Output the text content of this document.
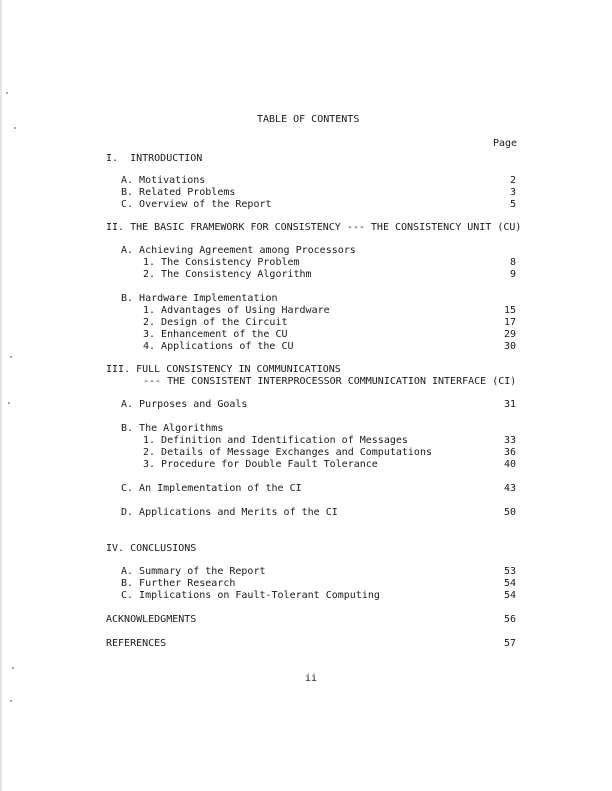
TABLE OF CONTENTS
Page
I.  INTRODUCTION
A. Motivations	2
B. Related Problems	3
C. Overview of the Report	5
II. THE BASIC FRAMEWORK FOR CONSISTENCY --- THE CONSISTENCY UNIT (CU)
A. Achieving Agreement among Processors
1. The Consistency Problem	8
2. The Consistency Algorithm	9
B. Hardware Implementation
1. Advantages of Using Hardware	15
2. Design of the Circuit	17
3. Enhancement of the CU	29
4. Applications of the CU	30
III. FULL CONSISTENCY IN COMMUNICATIONS
--- THE CONSISTENT INTERPROCESSOR COMMUNICATION INTERFACE (CI)
A. Purposes and Goals	31
B. The Algorithms
1. Definition and Identification of Messages	33
2. Details of Message Exchanges and Computations	36
3. Procedure for Double Fault Tolerance	40
C. An Implementation of the CI	43
D. Applications and Merits of the CI	50
IV. CONCLUSIONS
A. Summary of the Report	53
B. Further Research	54
C. Implications on Fault-Tolerant Computing	54
ACKNOWLEDGMENTS	56
REFERENCES	57
ii
